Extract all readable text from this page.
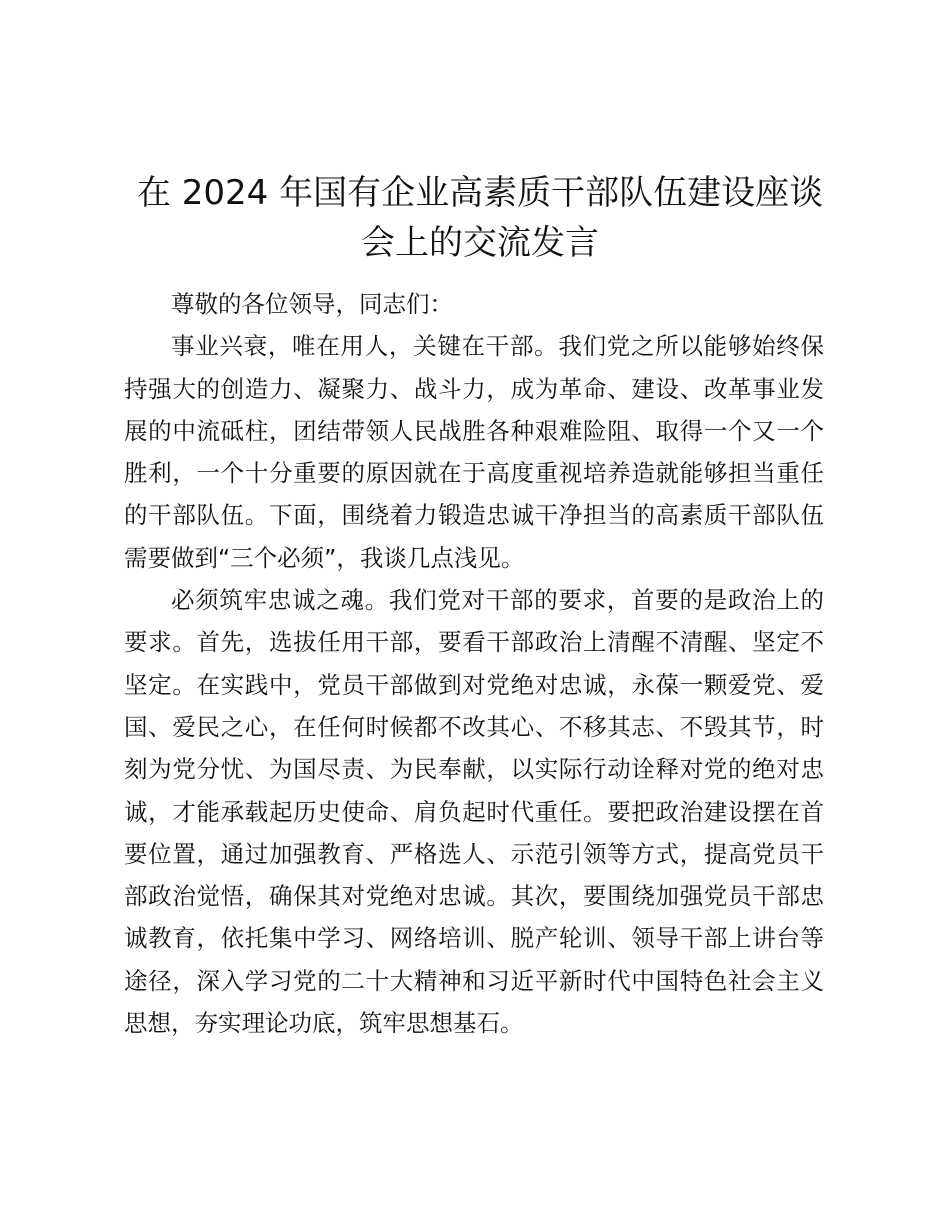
在 2024 年国有企业高素质干部队伍建设座谈
会上的交流发言

尊敬的各位领导，同志们：

事业兴衰，唯在用人，关键在干部。我们党之所以能够始终保持强大的创造力、凝聚力、战斗力，成为革命、建设、改革事业发展的中流砥柱，团结带领人民战胜各种艰难险阻、取得一个又一个胜利，一个十分重要的原因就在于高度重视培养造就能够担当重任的干部队伍。下面，围绕着力锻造忠诚干净担当的高素质干部队伍需要做到“三个必须”，我谈几点浅见。

必须筑牢忠诚之魂。我们党对干部的要求，首要的是政治上的要求。首先，选拔任用干部，要看干部政治上清醒不清醒、坚定不坚定。在实践中，党员干部做到对党绝对忠诚，永葆一颗爱党、爱国、爱民之心，在任何时候都不改其心、不移其志、不毁其节，时刻为党分忧、为国尽责、为民奉献，以实际行动诠释对党的绝对忠诚，才能承载起历史使命、肩负起时代重任。要把政治建设摆在首要位置，通过加强教育、严格选人、示范引领等方式，提高党员干部政治觉悟，确保其对党绝对忠诚。其次，要围绕加强党员干部忠诚教育，依托集中学习、网络培训、脱产轮训、领导干部上讲台等途径，深入学习党的二十大精神和习近平新时代中国特色社会主义思想，夯实理论功底，筑牢思想基石。
